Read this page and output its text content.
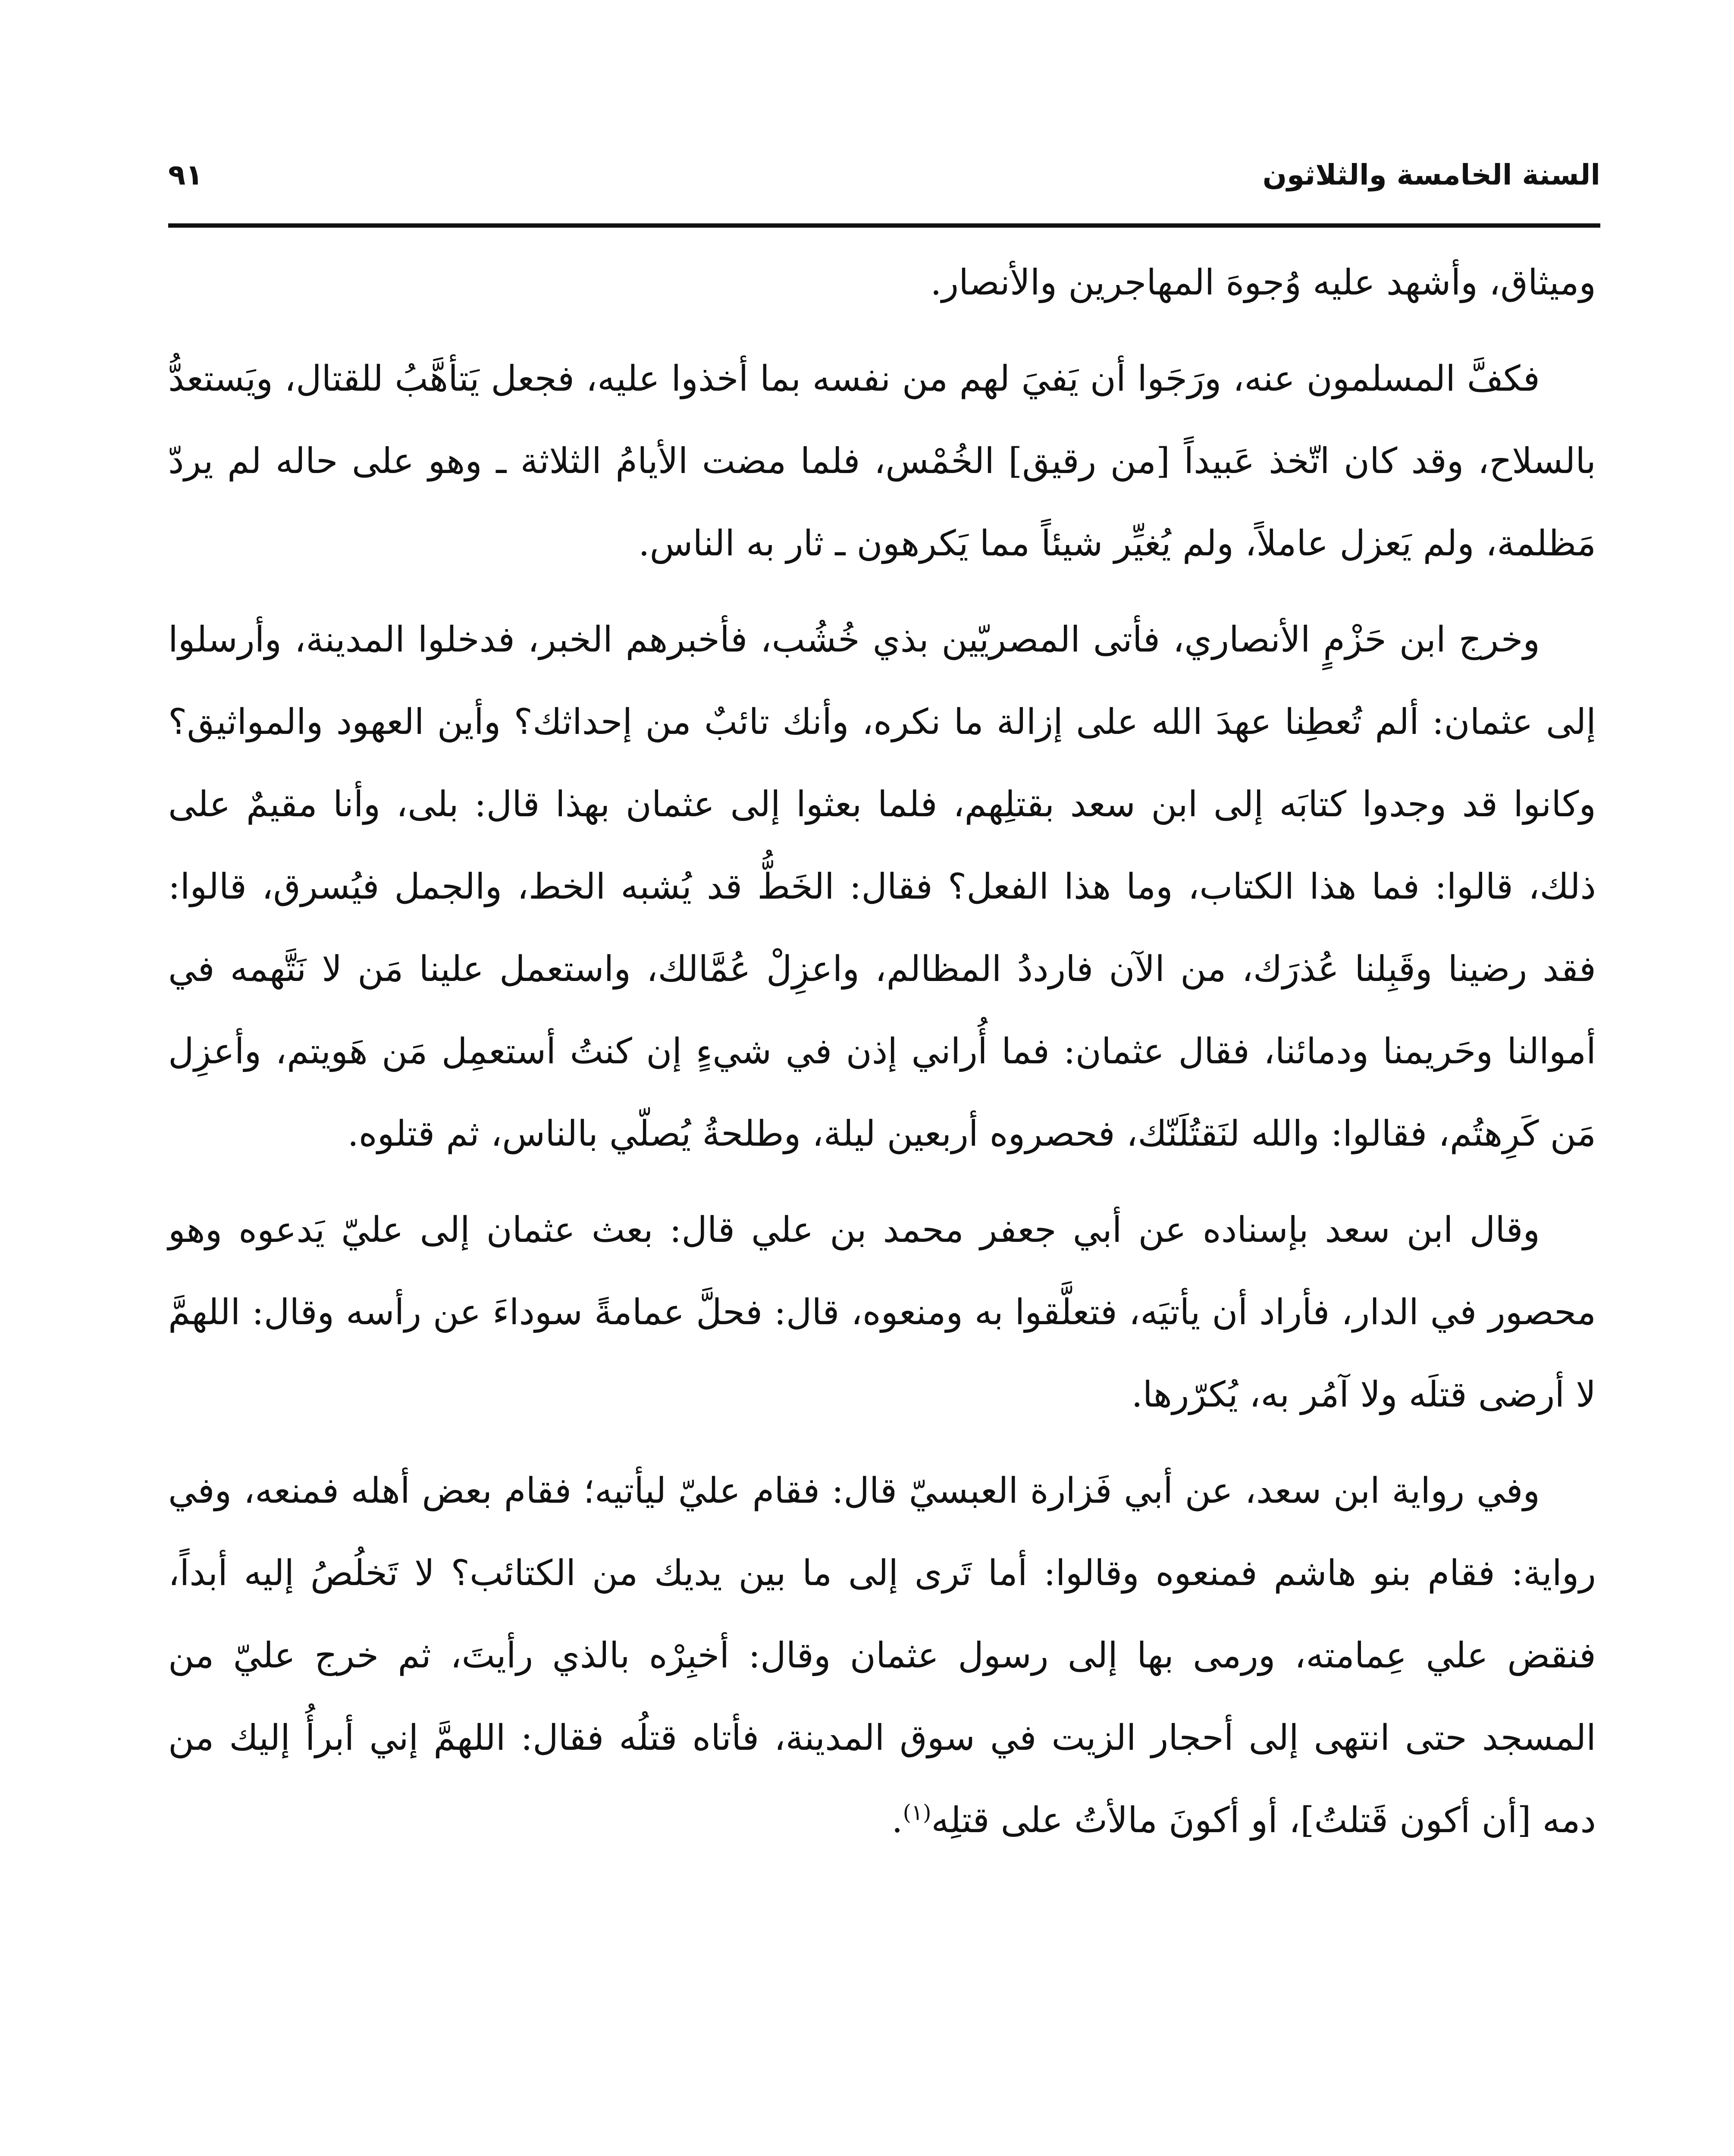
السنة الخامسة والثلاثون
٩١

وميثاق، وأشهد عليه وُجوهَ المهاجرين والأنصار.

فكفَّ المسلمون عنه، ورَجَوا أن يَفيَ لهم من نفسه بما أخذوا عليه، فجعل يَتأهَّبُ للقتال، ويَستعدُّ بالسلاح، وقد كان اتّخذ عَبيداً [من رقيق] الخُمْس، فلما مضت الأيامُ الثلاثة ـ وهو على حاله لم يردّ مَظلمة، ولم يَعزل عاملاً، ولم يُغيِّر شيئاً مما يَكرهون ـ ثار به الناس.

وخرج ابن حَزْمٍ الأنصاري، فأتى المصريّين بذي خُشُب، فأخبرهم الخبر، فدخلوا المدينة، وأرسلوا إلى عثمان: ألم تُعطِنا عهدَ الله على إزالة ما نكره، وأنك تائبٌ من إحداثك؟ وأين العهود والمواثيق؟ وكانوا قد وجدوا كتابَه إلى ابن سعد بقتلِهم، فلما بعثوا إلى عثمان بهذا قال: بلى، وأنا مقيمٌ على ذلك، قالوا: فما هذا الكتاب، وما هذا الفعل؟ فقال: الخَطُّ قد يُشبه الخط، والجمل فيُسرق، قالوا: فقد رضينا وقَبِلنا عُذرَك، من الآن فارددُ المظالم، واعزِلْ عُمَّالك، واستعمل علينا مَن لا نَتَّهمه في أموالنا وحَريمنا ودمائنا، فقال عثمان: فما أُراني إذن في شيءٍ إن كنتُ أستعمِل مَن هَويتم، وأعزِل مَن كَرِهتُم، فقالوا: والله لنَقتُلَنّك، فحصروه أربعين ليلة، وطلحةُ يُصلّي بالناس، ثم قتلوه.

وقال ابن سعد بإسناده عن أبي جعفر محمد بن علي قال: بعث عثمان إلى عليّ يَدعوه وهو محصور في الدار، فأراد أن يأتيَه، فتعلَّقوا به ومنعوه، قال: فحلَّ عمامةً سوداءَ عن رأسه وقال: اللهمَّ لا أرضى قتلَه ولا آمُر به، يُكرّرها.

وفي رواية ابن سعد، عن أبي فَزارة العبسيّ قال: فقام عليّ ليأتيه؛ فقام بعض أهله فمنعه، وفي رواية: فقام بنو هاشم فمنعوه وقالوا: أما تَرى إلى ما بين يديك من الكتائب؟ لا تَخلُصُ إليه أبداً، فنقض علي عِمامته، ورمى بها إلى رسول عثمان وقال: أخبِرْه بالذي رأيتَ، ثم خرج عليّ من المسجد حتى انتهى إلى أحجار الزيت في سوق المدينة، فأتاه قتلُه فقال: اللهمَّ إني أبرأُ إليك من دمه [أن أكون قَتلتُ]، أو أكونَ مالأتُ على قتلِه$^{(١)}$.
